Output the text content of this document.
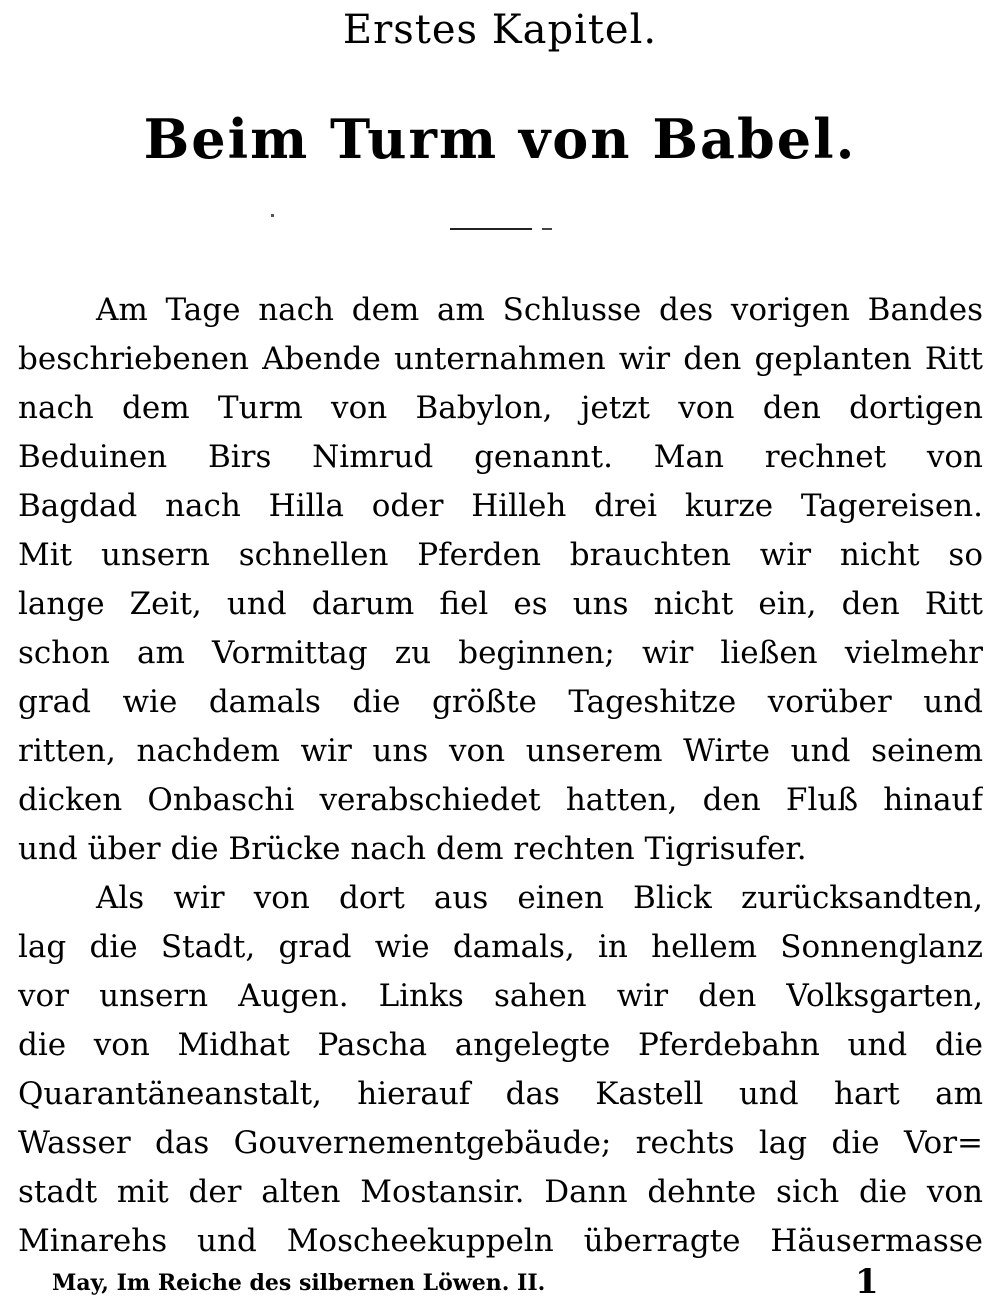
Erstes Kapitel.
Beim Turm von Babel.
Am Tage nach dem am Schlusse des vorigen Bandes
beschriebenen Abende unternahmen wir den geplanten Ritt
nach dem Turm von Babylon, jetzt von den dortigen
Beduinen Birs Nimrud genannt. Man rechnet von
Bagdad nach Hilla oder Hilleh drei kurze Tagereisen.
Mit unsern schnellen Pferden brauchten wir nicht so
lange Zeit, und darum fiel es uns nicht ein, den Ritt
schon am Vormittag zu beginnen; wir ließen vielmehr
grad wie damals die größte Tageshitze vorüber und
ritten, nachdem wir uns von unserem Wirte und seinem
dicken Onbaschi verabschiedet hatten, den Fluß hinauf
und über die Brücke nach dem rechten Tigrisufer.
Als wir von dort aus einen Blick zurücksandten,
lag die Stadt, grad wie damals, in hellem Sonnenglanz
vor unsern Augen. Links sahen wir den Volksgarten,
die von Midhat Pascha angelegte Pferdebahn und die
Quarantäneanstalt, hierauf das Kastell und hart am
Wasser das Gouvernementgebäude; rechts lag die Vor=
stadt mit der alten Mostansir. Dann dehnte sich die von
Minarehs und Moscheekuppeln überragte Häusermasse
May, Im Reiche des silbernen Löwen. II.	1
